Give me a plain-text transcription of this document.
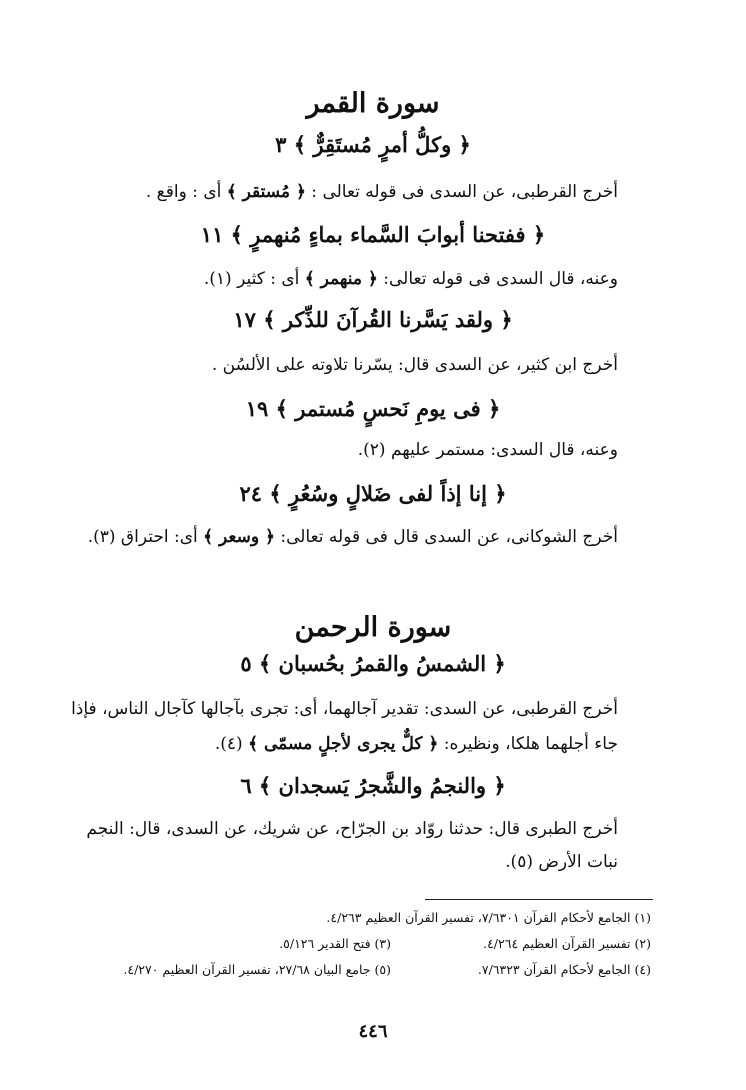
سورة القمر
﴿ وكلُّ أمرٍ مُستَقِرٌّ ﴾ ٣
أخرج القرطبى، عن السدى فى قوله تعالى : ﴿ مُستقر ﴾ أى : واقع .
﴿ ففتحنا أبوابَ السَّماء بماءٍ مُنهمرٍ ﴾ ١١
وعنه، قال السدى فى قوله تعالى: ﴿ منهمر ﴾ أى : كثير (١).
﴿ ولقد يَسَّرنا القُرآنَ للذِّكر ﴾ ١٧
أخرج ابن كثير، عن السدى قال: يسّرنا تلاوته على الألسُن .
﴿ فى يومِ نَحسٍ مُستمر ﴾ ١٩
وعنه، قال السدى: مستمر عليهم (٢).
﴿ إنا إذاً لفى ضَلالٍ وسُعُرٍ ﴾ ٢٤
أخرج الشوكانى، عن السدى قال فى قوله تعالى: ﴿ وسعر ﴾ أى: احتراق (٣).
سورة الرحمن
﴿ الشمسُ والقمرُ بحُسبان ﴾ ٥
أخرج القرطبى، عن السدى: تقدير آجالهما، أى: تجرى بآجالها كآجال الناس، فإذا
جاء أجلهما هلكا، ونظيره: ﴿ كلٌّ يجرى لأجلٍ مسمّى ﴾ (٤).
﴿ والنجمُ والشَّجرُ يَسجدان ﴾ ٦
أخرج الطبرى قال: حدثنا روّاد بن الجرّاح، عن شريك، عن السدى، قال: النجم
نبات الأرض (٥).
(١) الجامع لأحكام القرآن ٧/٦٣٠١، تفسير القرآن العظيم ٤/٢٦٣.
(٢) تفسير القرآن العظيم ٤/٢٦٤.
(٣) فتح القدير ٥/١٢٦.
(٤) الجامع لأحكام القرآن ٧/٦٣٢٣.
(٥) جامع البيان ٢٧/٦٨، تفسير القرآن العظيم ٤/٢٧٠.
٤٤٦
